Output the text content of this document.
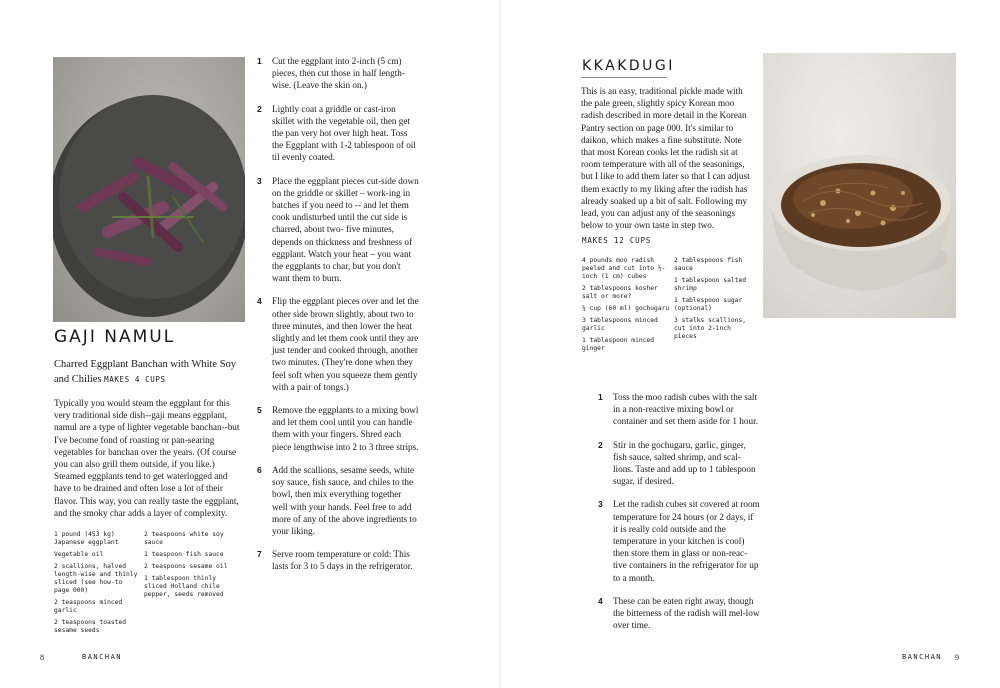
GAJI NAMUL

Charred Eggplant Banchan with White Soy and Chilies MAKES 4 CUPS

Typically you would steam the eggplant for this very traditional side dish--gaji means eggplant, namul are a type of lighter vegetable banchan--but I've become fond of roasting or pan-searing vegetables for banchan over the years. (Of course you can also grill them outside, if you like.) Steamed eggplants tend to get waterlogged and have to be drained and often lose a lot of their flavor. This way, you can really taste the eggplant, and the smoky char adds a layer of complexity.

1 pound (453 kg) Japanese eggplant
Vegetable oil
2 scallions, halved length-wise and thinly sliced (see how-to page 000)
2 teaspoons minced garlic
2 teaspoons toasted sesame seeds
2 teaspoons white soy sauce
1 teaspoon fish sauce
2 teaspoons sesame oil
1 tablespoon thinly sliced Holland chile pepper, seeds removed
1 Cut the eggplant into 2-inch (5 cm) pieces, then cut those in half length-wise. (Leave the skin on.)
2 Lightly coat a griddle or cast-iron skillet with the vegetable oil, then get the pan very hot over high heat. Toss the Eggplant with 1-2 tablespoon of oil til evenly coated.
3 Place the eggplant pieces cut-side down on the griddle or skillet – work-ing in batches if you need to -- and let them cook undisturbed until the cut side is charred, about two- five minutes, depends on thickness and freshness of eggplant. Watch your heat – you want the eggplants to char, but you don't want them to burn.
4 Flip the eggplant pieces over and let the other side brown slightly, about two to three minutes, and then lower the heat slightly and let them cook until they are just tender and cooked through, another two minutes. (They're done when they feel soft when you squeeze them gently with a pair of tongs.)
5 Remove the eggplants to a mixing bowl and let them cool until you can handle them with your fingers. Shred each piece lengthwise into 2 to 3 three strips.
6 Add the scallions, sesame seeds, white soy sauce, fish sauce, and chiles to the bowl, then mix everything together well with your hands. Feel free to add more of any of the above ingredients to your liking.
7 Serve room temperature or cold: This lasts for 3 to 5 days in the refrigerator.

8	BANCHAN

KKAKDUGI

This is an easy, traditional pickle made with the pale green, slightly spicy Korean moo radish described in more detail in the Korean Pantry section on page 000. It's similar to daikon, which makes a fine substitute. Note that most Korean cooks let the radish sit at room temperature with all of the seasonings, but I like to add them later so that I can adjust them exactly to my liking after the radish has already soaked up a bit of salt. Following my lead, you can adjust any of the seasonings below to your own taste in step two.

MAKES 12 CUPS

4 pounds moo radish peeled and cut into ½-inch (1 cm) cubes
2 tablespoons kosher salt or more?
¼ cup (60 ml) gochugaru
3 tablespoons minced garlic
1 tablespoon minced ginger
2 tablespoons fish sauce
1 tablespoon salted shrimp
1 tablespoon sugar (optional)
3 stalks scallions, cut into 2-inch pieces
1 Toss the moo radish cubes with the salt in a non-reactive mixing bowl or container and set them aside for 1 hour.
2 Stir in the gochugaru, garlic, ginger, fish sauce, salted shrimp, and scal-lions. Taste and add up to 1 tablespoon sugar, if desired.
3 Let the radish cubes sit covered at room temperature for 24 hours (or 2 days, if it is really cold outside and the temperature in your kitchen is cool) then store them in glass or non-reac-tive containers in the refrigerator for up to a month.
4 These can be eaten right away, though the bitterness of the radish will mel-low over time.

BANCHAN 9
